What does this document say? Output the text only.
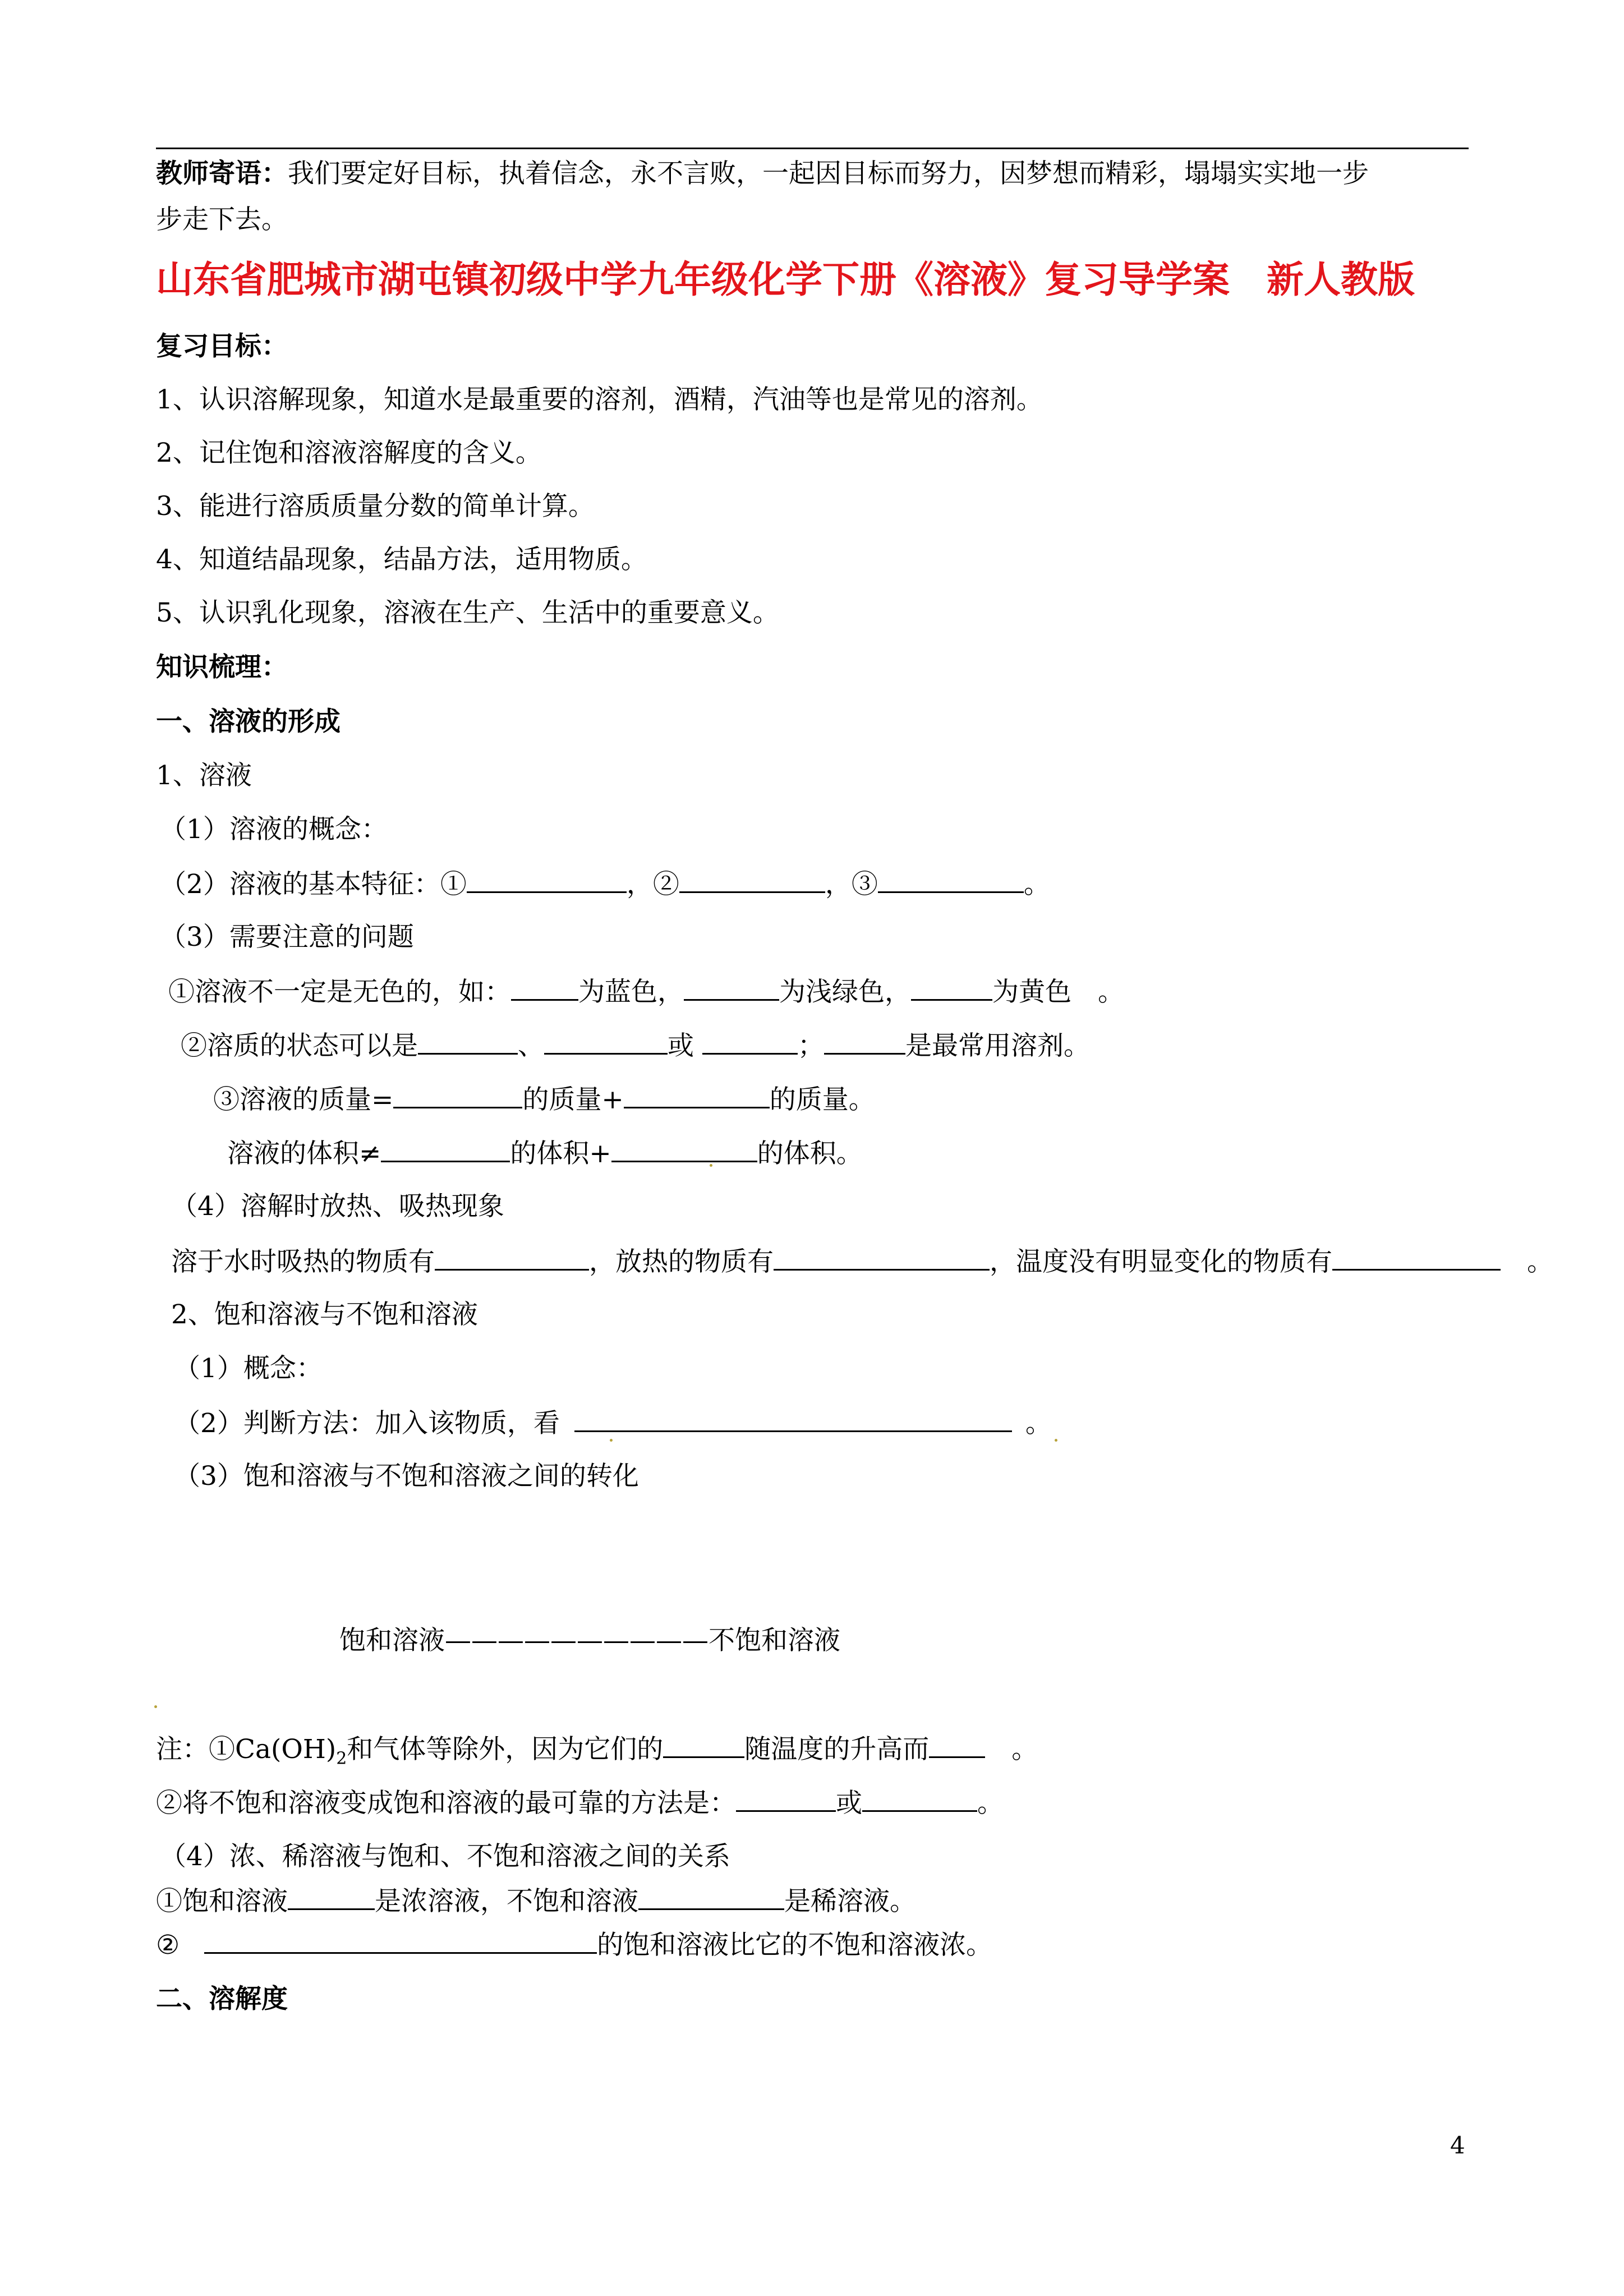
教师寄语：我们要定好目标，执着信念，永不言败，一起因目标而努力，因梦想而精彩，塌塌实实地一步
步走下去。
山东省肥城市湖屯镇初级中学九年级化学下册《溶液》复习导学案　新人教版
复习目标：
1、认识溶解现象，知道水是最重要的溶剂，酒精，汽油等也是常见的溶剂。
2、记住饱和溶液溶解度的含义。
3、能进行溶质质量分数的简单计算。
4、知道结晶现象，结晶方法，适用物质。
5、认识乳化现象，溶液在生产、生活中的重要意义。
知识梳理：
一、溶液的形成
1、溶液
（1）溶液的概念：
（2）溶液的基本特征：①	，②	，③	。
（3）需要注意的问题
①溶液不一定是无色的，如：	为蓝色，	为浅绿色，	为黄色　。
②溶质的状态可以是	、	或	；	是最常用溶剂。
③溶液的质量=	的质量+	的质量。
溶液的体积≠	的体积+	的体积。
（4）溶解时放热、吸热现象
溶于水时吸热的物质有	，放热的物质有	，温度没有明显变化的物质有	　。
2、饱和溶液与不饱和溶液
（1）概念：
（2）判断方法：加入该物质，看	。
（3）饱和溶液与不饱和溶液之间的转化
饱和溶液——————————不饱和溶液
注：$①Ca(OH)_2$和气体等除外，因为它们的	随温度的升高而　。
②将不饱和溶液变成饱和溶液的最可靠的方法是：	或	。
（4）浓、稀溶液与饱和、不饱和溶液之间的关系
①饱和溶液	是浓溶液，不饱和溶液	是稀溶液。
②	的饱和溶液比它的不饱和溶液浓。
二、溶解度
4
